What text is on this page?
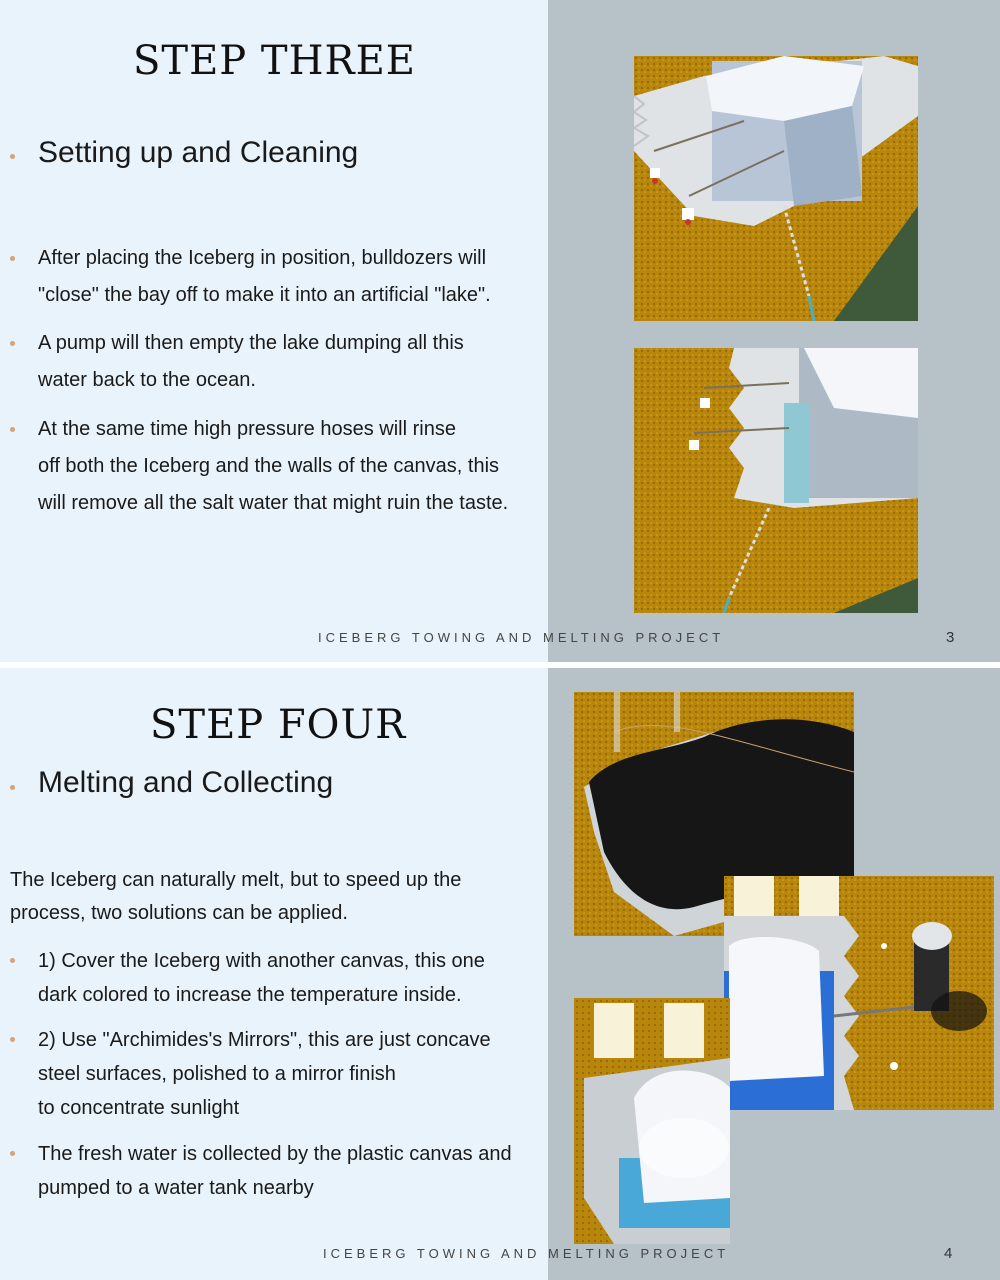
STEP THREE
Setting up and Cleaning
After placing the Iceberg in position, bulldozers will
"close" the bay off to make it into an artificial "lake".
A pump will then empty the lake dumping all this
water back to the ocean.
At the same time high pressure hoses will rinse
off both the Iceberg and the walls of the canvas, this
will remove all the salt water that might ruin the taste.
ICEBERG TOWING AND MELTING PROJECT	3
STEP FOUR
Melting and Collecting
The Iceberg can naturally melt, but to speed up the
process, two solutions can be applied.
1) Cover the Iceberg with another canvas, this one
dark colored to increase the temperature inside.
2) Use "Archimides's Mirrors", this are just concave
steel surfaces, polished to a mirror finish
to concentrate sunlight
The fresh water is collected by the plastic canvas and
pumped to a water tank nearby
ICEBERG TOWING AND MELTING PROJECT	4
